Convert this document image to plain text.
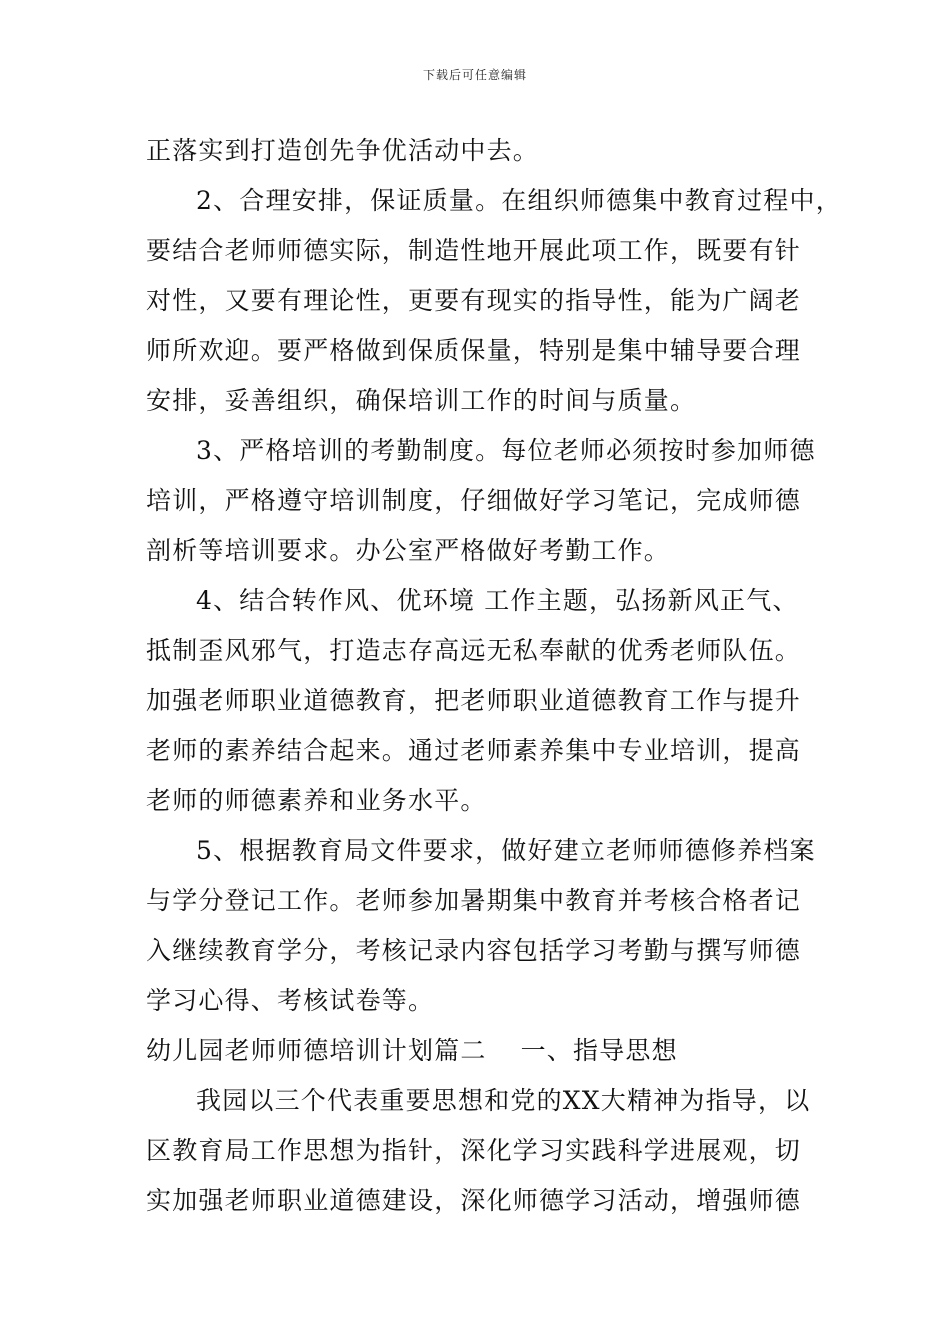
下载后可任意编辑
正落实到打造创先争优活动中去。
2、合理安排，保证质量。在组织师德集中教育过程中，
要结合老师师德实际，制造性地开展此项工作，既要有针
对性，又要有理论性，更要有现实的指导性，能为广阔老
师所欢迎。要严格做到保质保量，特别是集中辅导要合理
安排，妥善组织，确保培训工作的时间与质量。
3、严格培训的考勤制度。每位老师必须按时参加师德
培训，严格遵守培训制度，仔细做好学习笔记，完成师德
剖析等培训要求。办公室严格做好考勤工作。
4、结合转作风、优环境 工作主题，弘扬新风正气、
抵制歪风邪气，打造志存高远无私奉献的优秀老师队伍。
加强老师职业道德教育，把老师职业道德教育工作与提升
老师的素养结合起来。通过老师素养集中专业培训，提高
老师的师德素养和业务水平。
5、根据教育局文件要求，做好建立老师师德修养档案
与学分登记工作。老师参加暑期集中教育并考核合格者记
入继续教育学分，考核记录内容包括学习考勤与撰写师德
学习心得、考核试卷等。
幼儿园老师师德培训计划篇二 一、指导思想
我园以三个代表重要思想和党的XX大精神为指导，以
区教育局工作思想为指针，深化学习实践科学进展观，切
实加强老师职业道德建设，深化师德学习活动，增强师德
